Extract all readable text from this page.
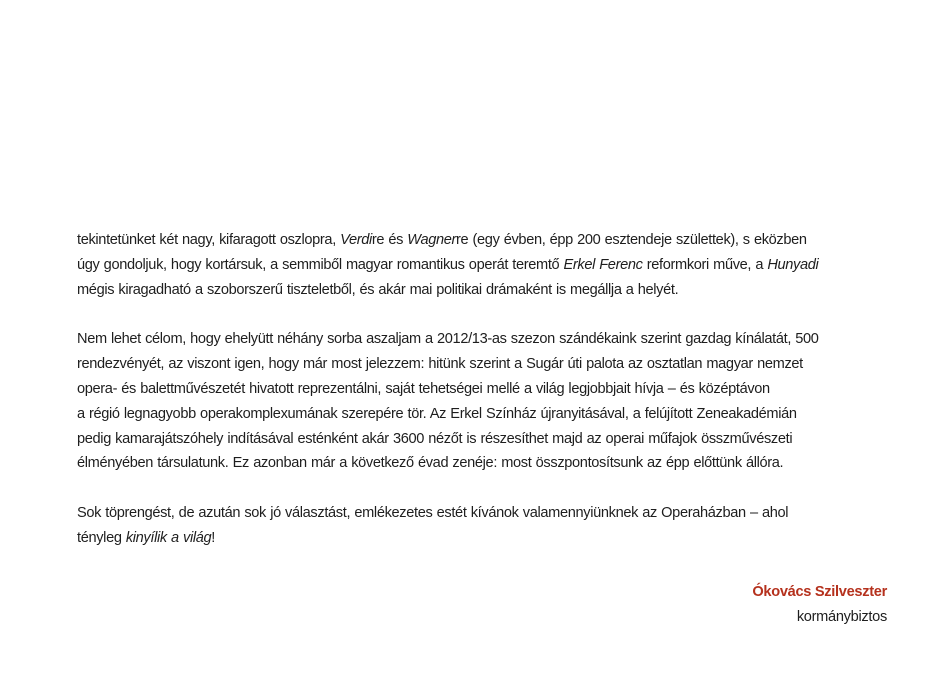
tekintetünket két nagy, kifaragott oszlopra, Verdire és Wagnerre (egy évben, épp 200 esztendeje születtek), s eközben
úgy gondoljuk, hogy kortársuk, a semmiből magyar romantikus operát teremtő Erkel Ferenc reformkori műve, a Hunyadi
mégis kiragadható a szoborszerű tiszteletből, és akár mai politikai drámaként is megállja a helyét.

Nem lehet célom, hogy ehelyütt néhány sorba aszaljam a 2012/13-as szezon szándékaink szerint gazdag kínálatát, 500
rendezvényét, az viszont igen, hogy már most jelezzem: hitünk szerint a Sugár úti palota az osztatlan magyar nemzet
opera- és balettművészetét hivatott reprezentálni, saját tehetségei mellé a világ legjobbjait hívja – és középtávon
a régió legnagyobb operakomplexumának szerepére tör. Az Erkel Színház újranyitásával, a felújított Zeneakadémián
pedig kamarajátszóhely indításával esténként akár 3600 nézőt is részesíthet majd az operai műfajok összművészeti
élményében társulatunk. Ez azonban már a következő évad zenéje: most összpontosítsunk az épp előttünk állóra.

Sok töprengést, de azután sok jó választást, emlékezetes estét kívánok valamennyiünknek az Operaházban – ahol
tényleg kinyílik a világ!

Ókovács Szilveszter
kormánybiztos
